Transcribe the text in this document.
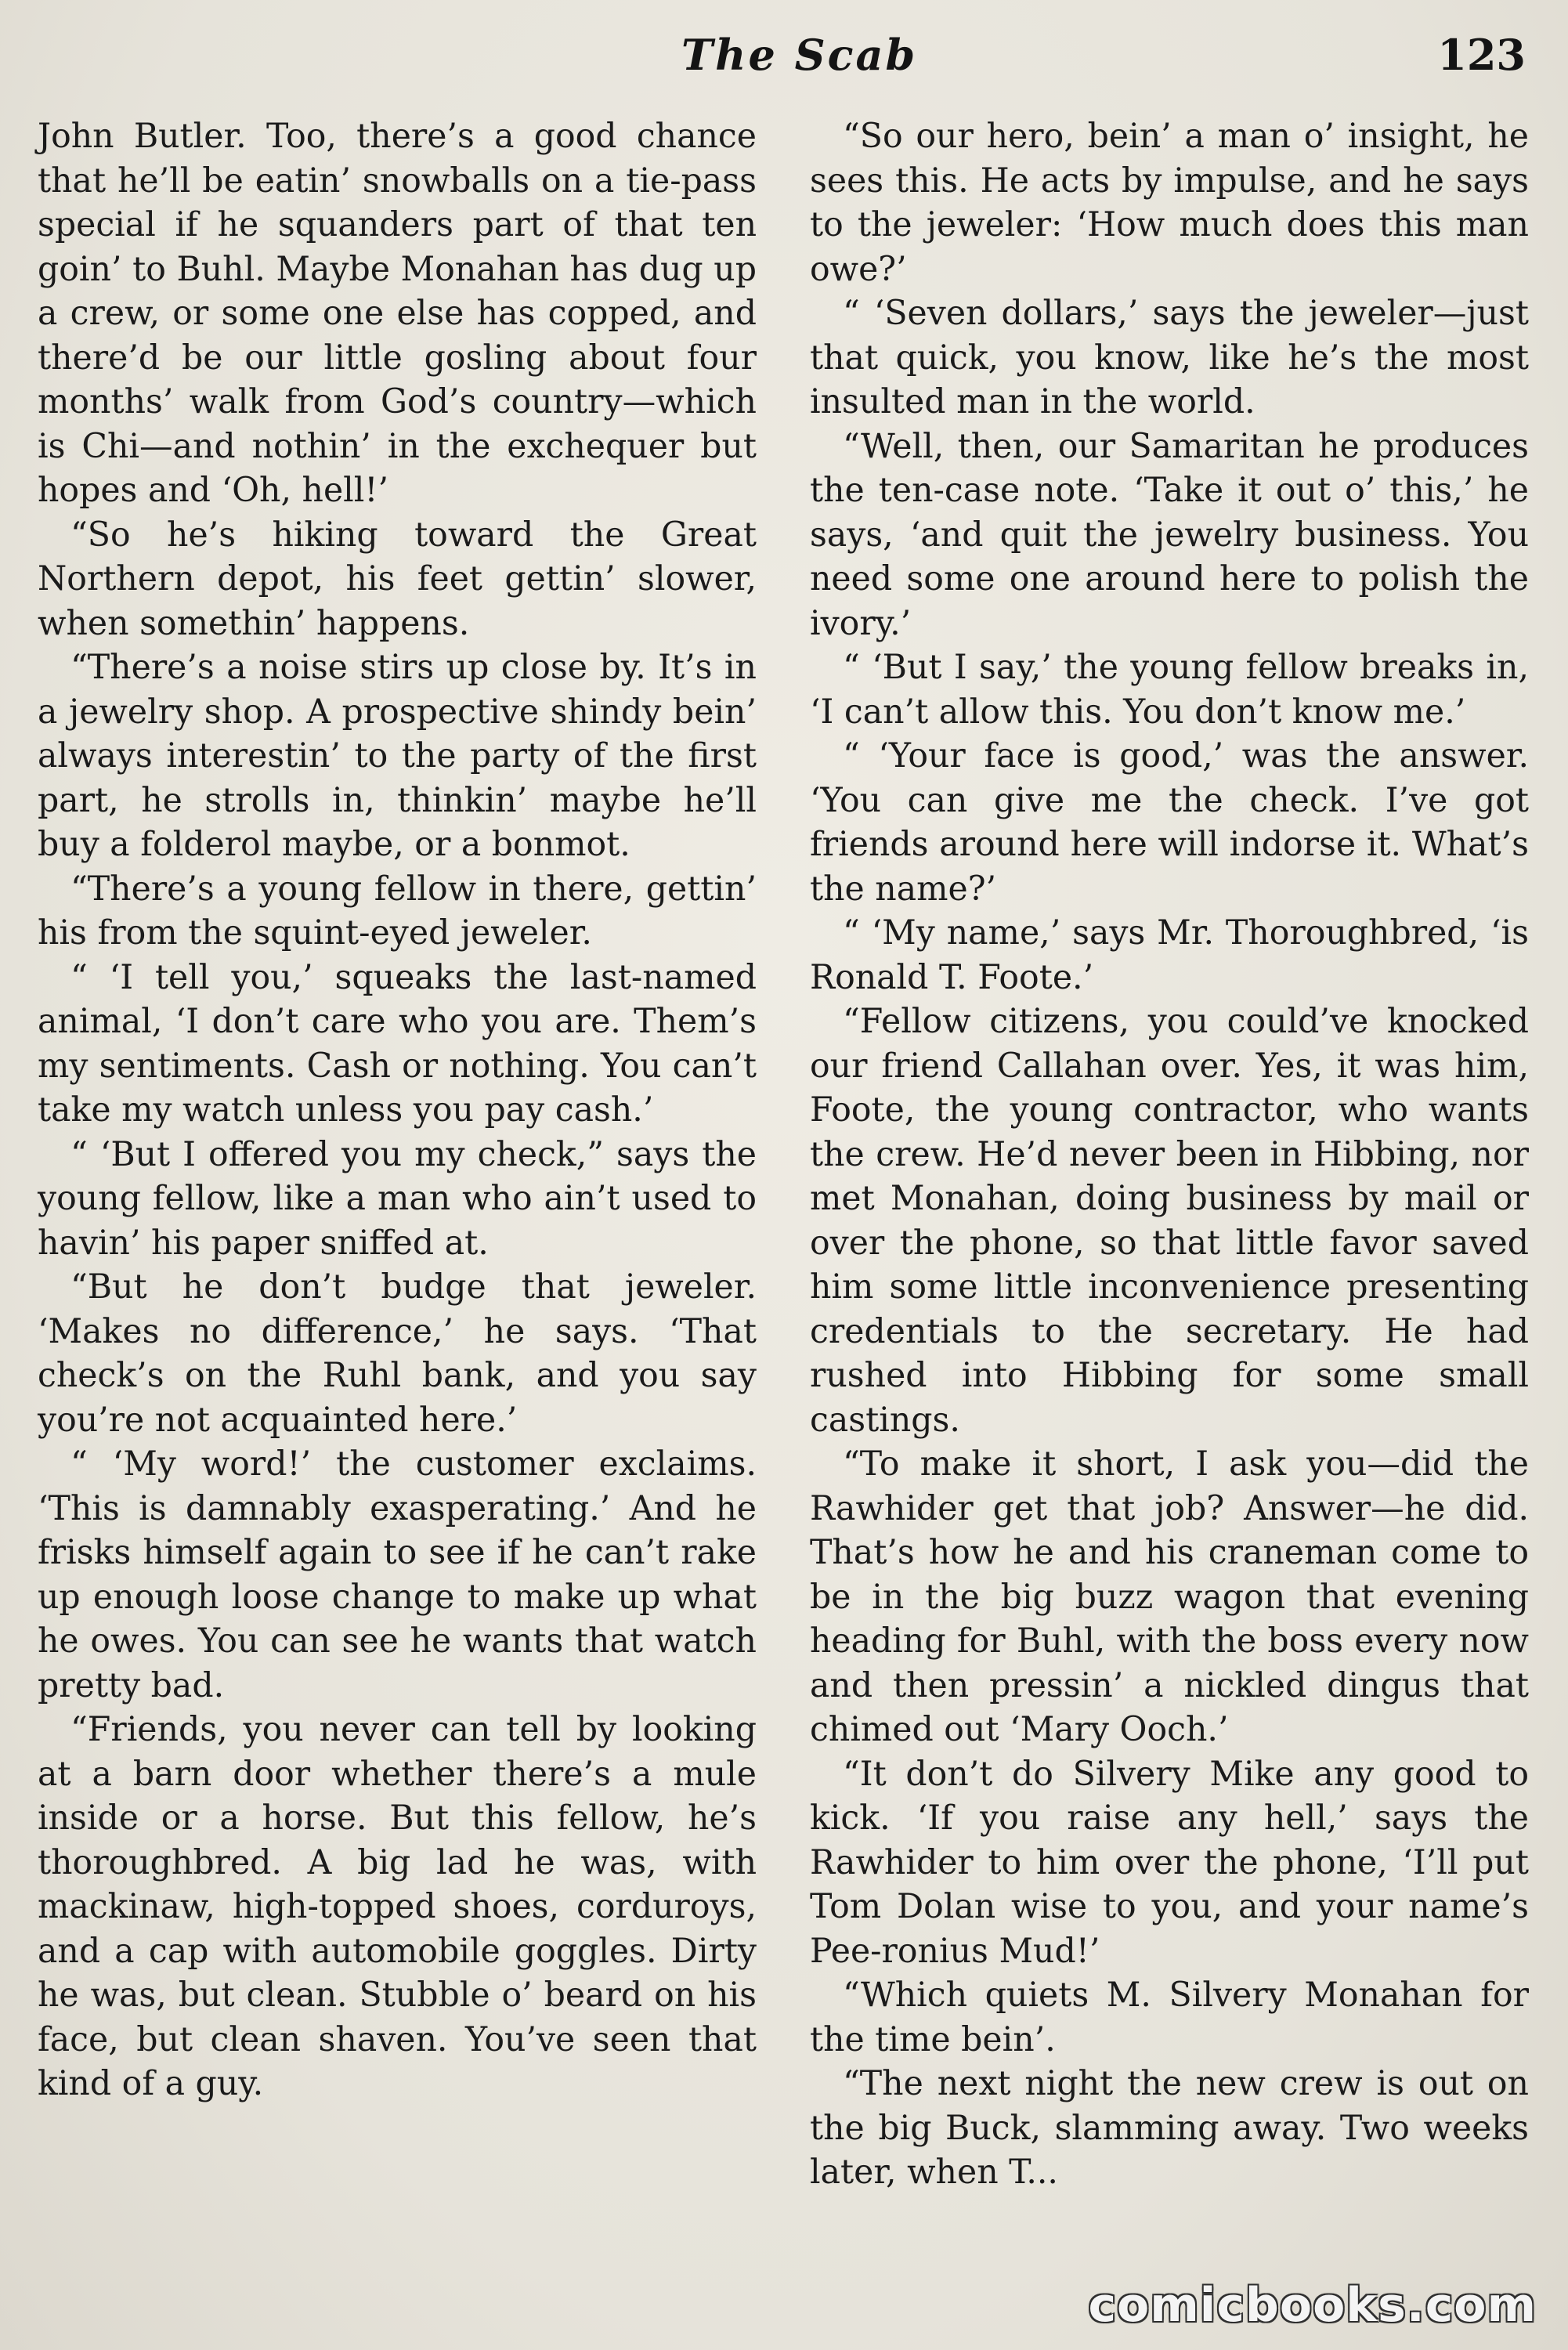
The Scab	123

John Butler. Too, there’s a good chance that he’ll be eatin’ snowballs on a tie-pass special if he squanders part of that ten goin’ to Buhl. Maybe Monahan has dug up a crew, or some one else has copped, and there’d be our little gosling about four months’ walk from God’s country—which is Chi—and nothin’ in the exchequer but hopes and ‘Oh, hell!’

“So he’s hiking toward the Great Northern depot, his feet gettin’ slower, when somethin’ happens.

“There’s a noise stirs up close by. It’s in a jewelry shop. A prospective shindy bein’ always interestin’ to the party of the first part, he strolls in, thinkin’ maybe he’ll buy a folderol maybe, or a bonmot.

“There’s a young fellow in there, gettin’ his from the squint-eyed jeweler.

“ ‘I tell you,’ squeaks the last-named animal, ‘I don’t care who you are. Them’s my sentiments. Cash or nothing. You can’t take my watch unless you pay cash.’

“ ‘But I offered you my check,” says the young fellow, like a man who ain’t used to havin’ his paper sniffed at.

“But he don’t budge that jeweler. ‘Makes no difference,’ he says. ‘That check’s on the Ruhl bank, and you say you’re not acquainted here.’

“ ‘My word!’ the customer exclaims. ‘This is damnably exasperating.’ And he frisks himself again to see if he can’t rake up enough loose change to make up what he owes. You can see he wants that watch pretty bad.

“Friends, you never can tell by looking at a barn door whether there’s a mule inside or a horse. But this fellow, he’s thoroughbred. A big lad he was, with mackinaw, high-topped shoes, corduroys, and a cap with automobile goggles. Dirty he was, but clean. Stubble o’ beard on his face, but clean shaven. You’ve seen that kind of a guy.

“So our hero, bein’ a man o’ insight, he sees this. He acts by impulse, and he says to the jeweler: ‘How much does this man owe?’

“ ‘Seven dollars,’ says the jeweler—just that quick, you know, like he’s the most insulted man in the world.

“Well, then, our Samaritan he produces the ten-case note. ‘Take it out o’ this,’ he says, ‘and quit the jewelry business. You need some one around here to polish the ivory.’

“ ‘But I say,’ the young fellow breaks in, ‘I can’t allow this. You don’t know me.’

“ ‘Your face is good,’ was the answer. ‘You can give me the check. I’ve got friends around here will indorse it. What’s the name?’

“ ‘My name,’ says Mr. Thoroughbred, ‘is Ronald T. Foote.’

“Fellow citizens, you could’ve knocked our friend Callahan over. Yes, it was him, Foote, the young contractor, who wants the crew. He’d never been in Hibbing, nor met Monahan, doing business by mail or over the phone, so that little favor saved him some little inconvenience presenting credentials to the secretary. He had rushed into Hibbing for some small castings.

“To make it short, I ask you—did the Rawhider get that job? Answer—he did. That’s how he and his craneman come to be in the big buzz wagon that evening heading for Buhl, with the boss every now and then pressin’ a nickled dingus that chimed out ‘Mary Ooch.’

“It don’t do Silvery Mike any good to kick. ‘If you raise any hell,’ says the Rawhider to him over the phone, ‘I’ll put Tom Dolan wise to you, and your name’s Pee-ronius Mud!’

“Which quiets M. Silvery Monahan for the time bein’.

“The next night the new crew is out on the big Buck, slamming away. Two weeks later, when T...

comicbooks.com
